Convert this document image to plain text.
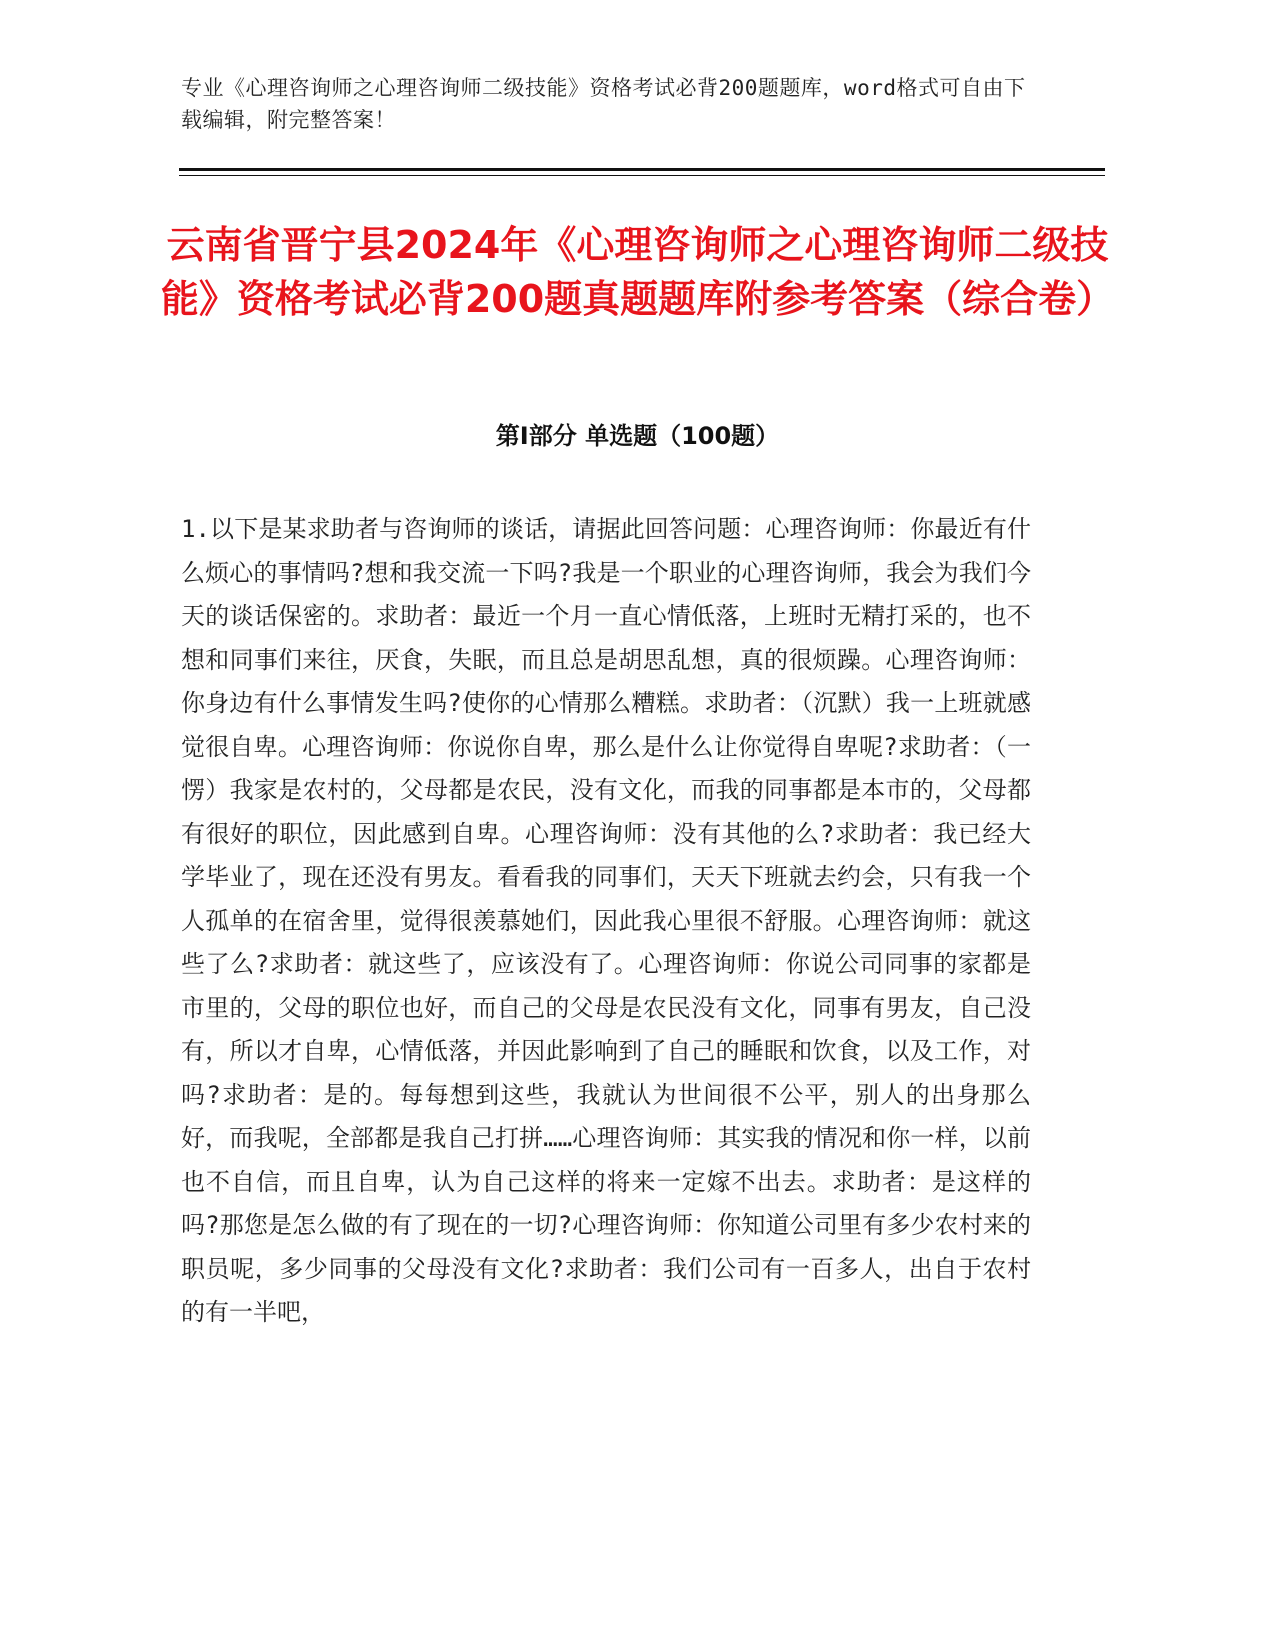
专业《心理咨询师之心理咨询师二级技能》资格考试必背200题题库，word格式可自由下载编辑，附完整答案！
云南省晋宁县2024年《心理咨询师之心理咨询师二级技能》资格考试必背200题真题题库附参考答案（综合卷）
第Ⅰ部分 单选题（100题）

1.以下是某求助者与咨询师的谈话，请据此回答问题：心理咨询师：你最近有什么烦心的事情吗?想和我交流一下吗?我是一个职业的心理咨询师，我会为我们今天的谈话保密的。求助者：最近一个月一直心情低落，上班时无精打采的，也不想和同事们来往，厌食，失眠，而且总是胡思乱想，真的很烦躁。心理咨询师：你身边有什么事情发生吗?使你的心情那么糟糕。求助者：（沉默）我一上班就感觉很自卑。心理咨询师：你说你自卑，那么是什么让你觉得自卑呢?求助者：（一愣）我家是农村的，父母都是农民，没有文化，而我的同事都是本市的，父母都有很好的职位，因此感到自卑。心理咨询师：没有其他的么?求助者：我已经大学毕业了，现在还没有男友。看看我的同事们，天天下班就去约会，只有我一个人孤单的在宿舍里，觉得很羡慕她们，因此我心里很不舒服。心理咨询师：就这些了么?求助者：就这些了，应该没有了。心理咨询师：你说公司同事的家都是市里的，父母的职位也好，而自己的父母是农民没有文化，同事有男友，自己没有，所以才自卑，心情低落，并因此影响到了自己的睡眠和饮食，以及工作，对吗?求助者：是的。每每想到这些，我就认为世间很不公平，别人的出身那么好，而我呢，全部都是我自己打拼……心理咨询师：其实我的情况和你一样，以前也不自信，而且自卑，认为自己这样的将来一定嫁不出去。求助者：是这样的吗?那您是怎么做的有了现在的一切?心理咨询师：你知道公司里有多少农村来的职员呢，多少同事的父母没有文化?求助者：我们公司有一百多人，出自于农村的有一半吧，
